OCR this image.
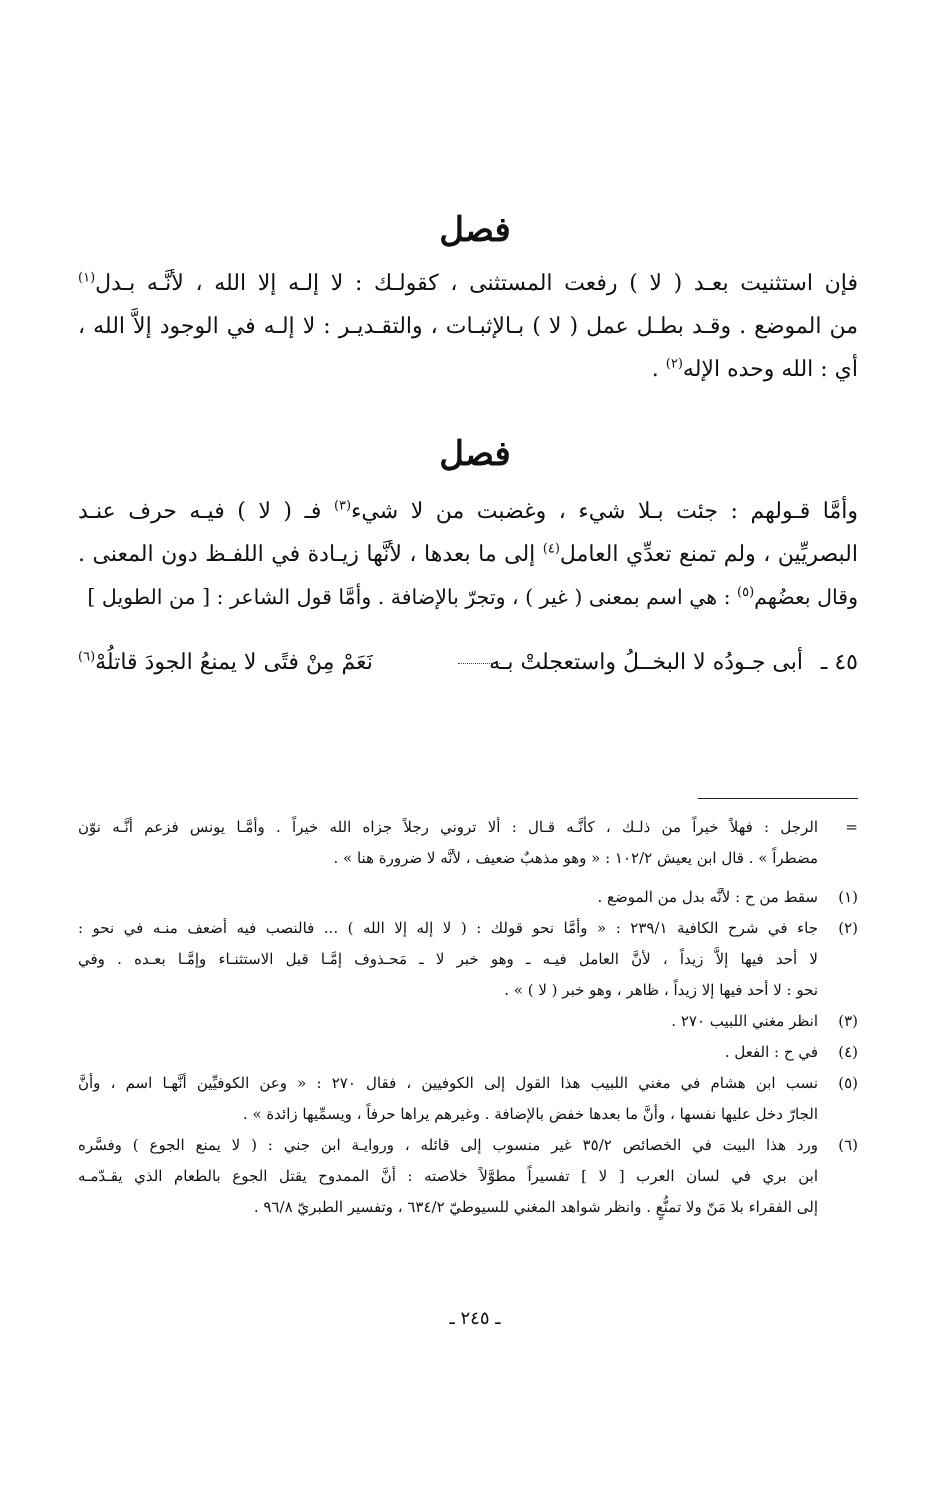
فصل
فإن استثنيت بعـد ( لا ) رفعت المستثنى ، كقولـك : لا إلـه إلا الله ، لأنَّـه بـدل$^{(١)}$
من الموضع . وقـد بطـل عمل ( لا ) بـالإثبـات ، والتقـديـر : لا إلـه في الوجود إلاَّ الله ،
أي : الله وحده الإله$^{(٢)}$ .
فصل
وأمَّا قـولهم : جئت بـلا شيء ، وغضبت من لا شيء$^{(٣)}$ فـ ( لا ) فيـه حرف عنـد
البصريِّين ، ولم تمنع تعدِّي العامل$^{(٤)}$ إلى ما بعدها ، لأنَّها زيـادة في اللفـظ دون المعنى .
وقال بعضُهم$^{(٥)}$ : هي اسم بمعنى ( غير ) ، وتجرّ بالإضافة . وأمَّا قول الشاعر : [ من الطويل ]
٤٥ ـ
أبى جـودُه لا البخــلُ واستعجلتْ بـه
نَعَمْ مِنْ فتًى لا يمنعُ الجودَ قاتلُهْ$^{(٦)}$
=
الرجل : فهلاً خيراً من ذلـك ، كأنَّـه قـال : ألا تروني رجلاً جزاه الله خيراً . وأمَّـا يونس فزعم أنَّـه نوّن
مضطراً » . قال ابن يعيش ١٠٢/٢ : « وهو مذهبٌ ضعيف ، لأنَّه لا ضرورة هنا » .
(١)
سقط من ح : لأنَّه بدل من الموضع .
(٢)
جاء في شرح الكافية ٢٣٩/١ : « وأمَّا نحو قولك : ( لا إله إلا الله ) ... فالنصب فيه أضعف منـه في نحو :
لا أحد فيها إلاَّ زيداً ، لأنَّ العامل فيـه ـ وهو خبر لا ـ مَحـذوف إمَّـا قبل الاستثنـاء وإمَّـا بعـده . وفي
نحو : لا أحد فيها إلا زيداً ، ظاهر ، وهو خبر ( لا ) » .
(٣)
انظر مغني اللبيب ٢٧٠ .
(٤)
في ح : الفعل .
(٥)
نسب ابن هشام في مغني اللبيب هذا القول إلى الكوفيين ، فقال ٢٧٠ : « وعن الكوفيِّين أنَّهـا اسم ، وأنَّ
الجارّ دخل عليها نفسها ، وأنَّ ما بعدها خفض بالإضافة . وغيرهم يراها حرفاً ، ويسمِّيها زائدة » .
(٦)
ورد هذا البيت في الخصائص ٣٥/٢ غير منسوب إلى قائله ، وروايـة ابن جني : ( لا يمنع الجوع ) وفسَّره
ابن بري في لسان العرب [ لا ] تفسيراً مطوَّلاً خلاصته : أنَّ الممدوح يقتل الجوع بالطعام الذي يقـدّمـه
إلى الفقراء بلا مَنّ ولا تمنُّعٍ . وانظر شواهد المغني للسيوطيّ ٦٣٤/٢ ، وتفسير الطبريّ ٩٦/٨ .
ـ ٢٤٥ ـ
